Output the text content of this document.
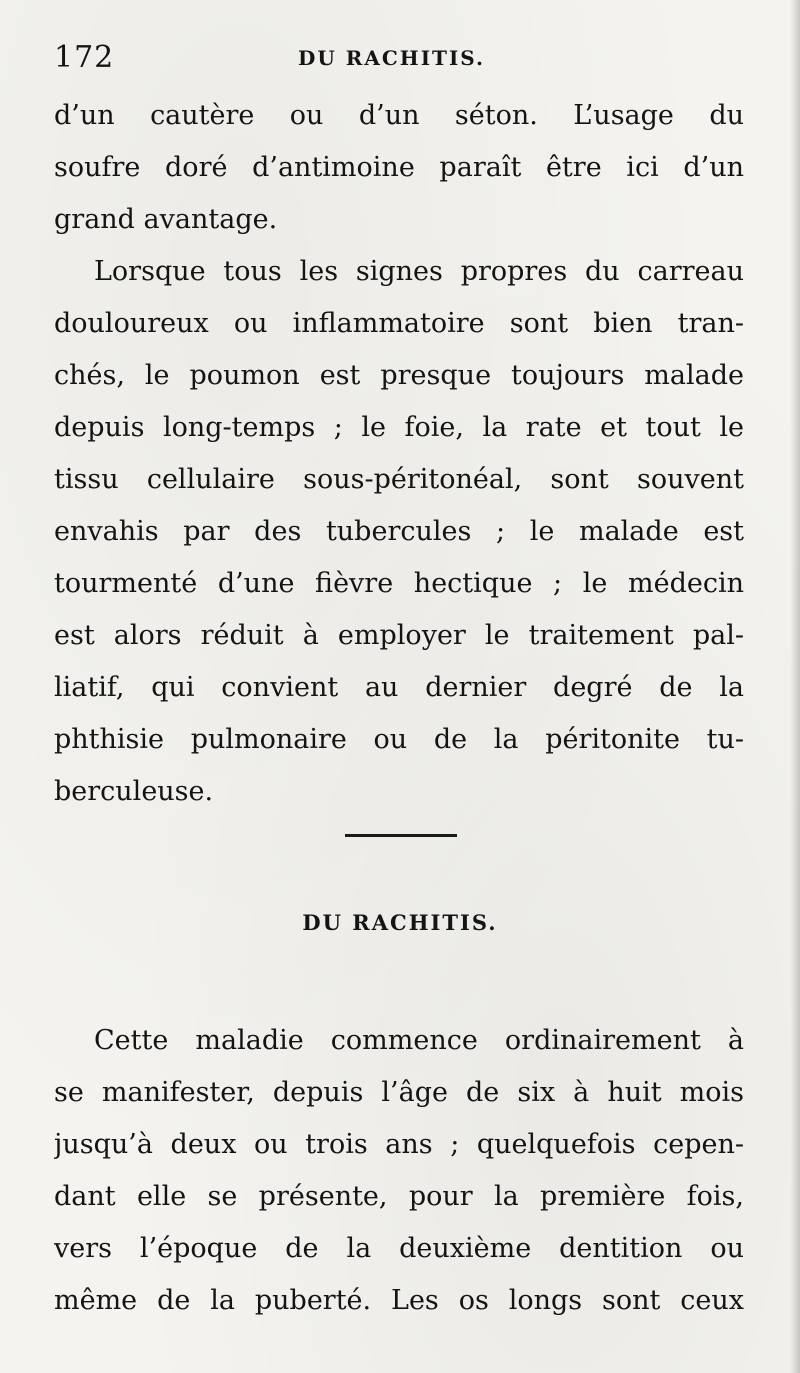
172	DU RACHITIS.
d’un cautère ou d’un séton. L’usage du
soufre doré d’antimoine paraît être ici d’un
grand avantage.
Lorsque tous les signes propres du carreau
douloureux ou inflammatoire sont bien tran-
chés, le poumon est presque toujours malade
depuis long-temps ; le foie, la rate et tout le
tissu cellulaire sous-péritonéal, sont souvent
envahis par des tubercules ; le malade est
tourmenté d’une fièvre hectique ; le médecin
est alors réduit à employer le traitement pal-
liatif, qui convient au dernier degré de la
phthisie pulmonaire ou de la péritonite tu-
berculeuse.
DU RACHITIS.
Cette maladie commence ordinairement à
se manifester, depuis l’âge de six à huit mois
jusqu’à deux ou trois ans ; quelquefois cepen-
dant elle se présente, pour la première fois,
vers l’époque de la deuxième dentition ou
même de la puberté. Les os longs sont ceux
